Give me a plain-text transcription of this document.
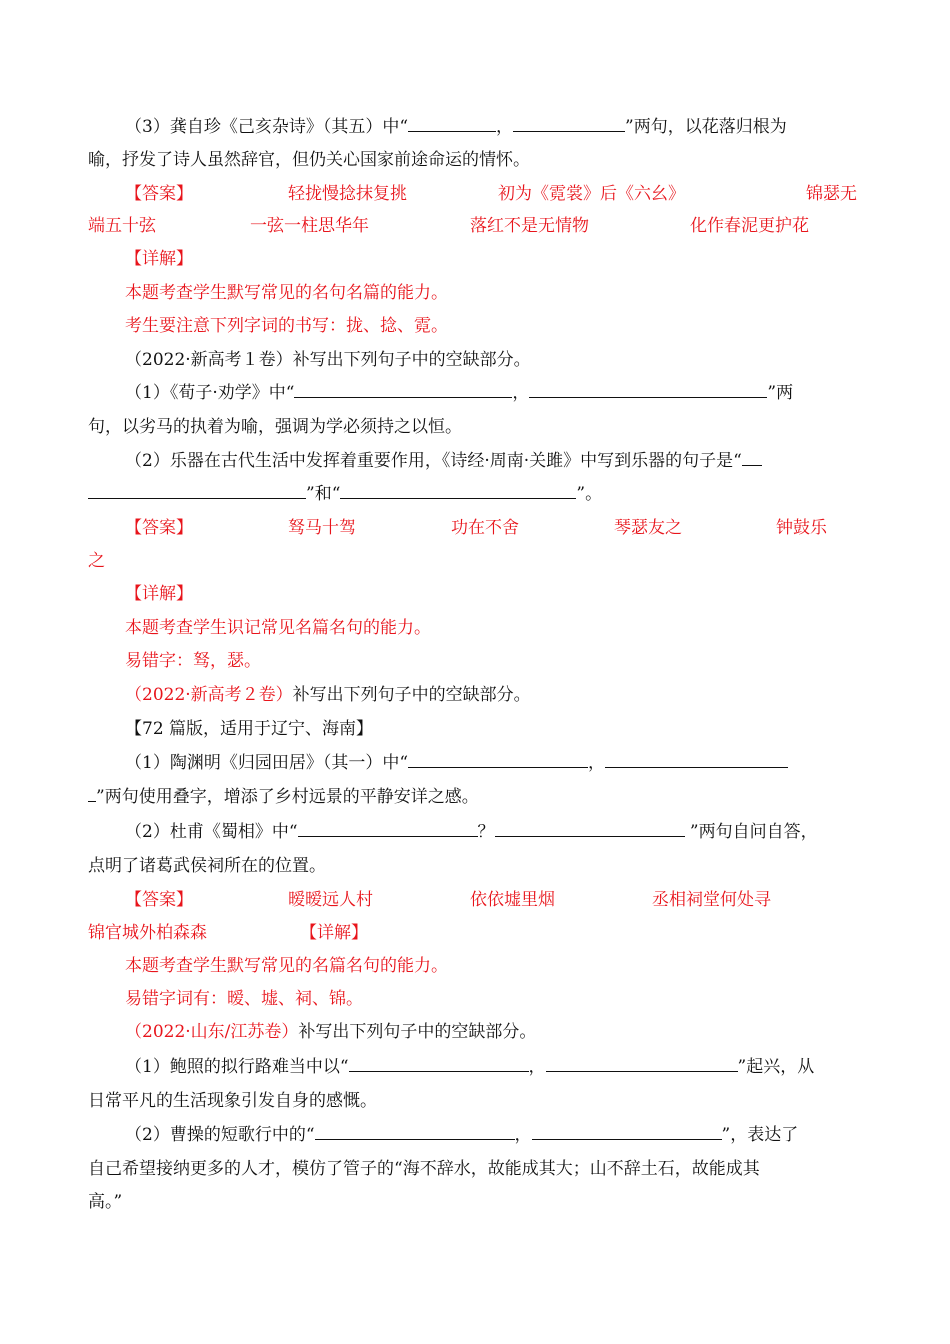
（3）龚自珍《己亥杂诗》（其五）中“	，	”两句，以花落归根为
喻，抒发了诗人虽然辞官，但仍关心国家前途命运的情怀。
【答案】	轻拢慢捻抹复挑	初为《霓裳》后《六幺》	锦瑟无
端五十弦	一弦一柱思华年	落红不是无情物	化作春泥更护花
【详解】
本题考查学生默写常见的名句名篇的能力。
考生要注意下列字词的书写：拢、捻、霓。
（2022·新高考１卷）补写出下列句子中的空缺部分。
（1）《荀子·劝学》中“	，	”两
句，以劣马的执着为喻，强调为学必须持之以恒。
（2）乐器在古代生活中发挥着重要作用，《诗经·周南·关雎》中写到乐器的句子是“
”和“	”。
【答案】	驽马十驾	功在不舍	琴瑟友之	钟鼓乐
之
【详解】
本题考查学生识记常见名篇名句的能力。
易错字：驽，瑟。
（2022·新高考２卷）补写出下列句子中的空缺部分。
【72 篇版，适用于辽宁、海南】
（1）陶渊明《归园田居》（其一）中“	，
”两句使用叠字，增添了乡村远景的平静安详之感。
（2）杜甫《蜀相》中“	？	”两句自问自答，
点明了诸葛武侯祠所在的位置。
【答案】	暧暧远人村	依依墟里烟	丞相祠堂何处寻
锦官城外柏森森	【详解】
本题考查学生默写常见的名篇名句的能力。
易错字词有：暧、墟、祠、锦。
（2022·山东/江苏卷）补写出下列句子中的空缺部分。
（1）鲍照的拟行路难当中以“	，	”起兴，从
日常平凡的生活现象引发自身的感慨。
（2）曹操的短歌行中的“	，	”，表达了
自己希望接纳更多的人才，模仿了管子的“海不辞水，故能成其大；山不辞土石，故能成其
高。”
